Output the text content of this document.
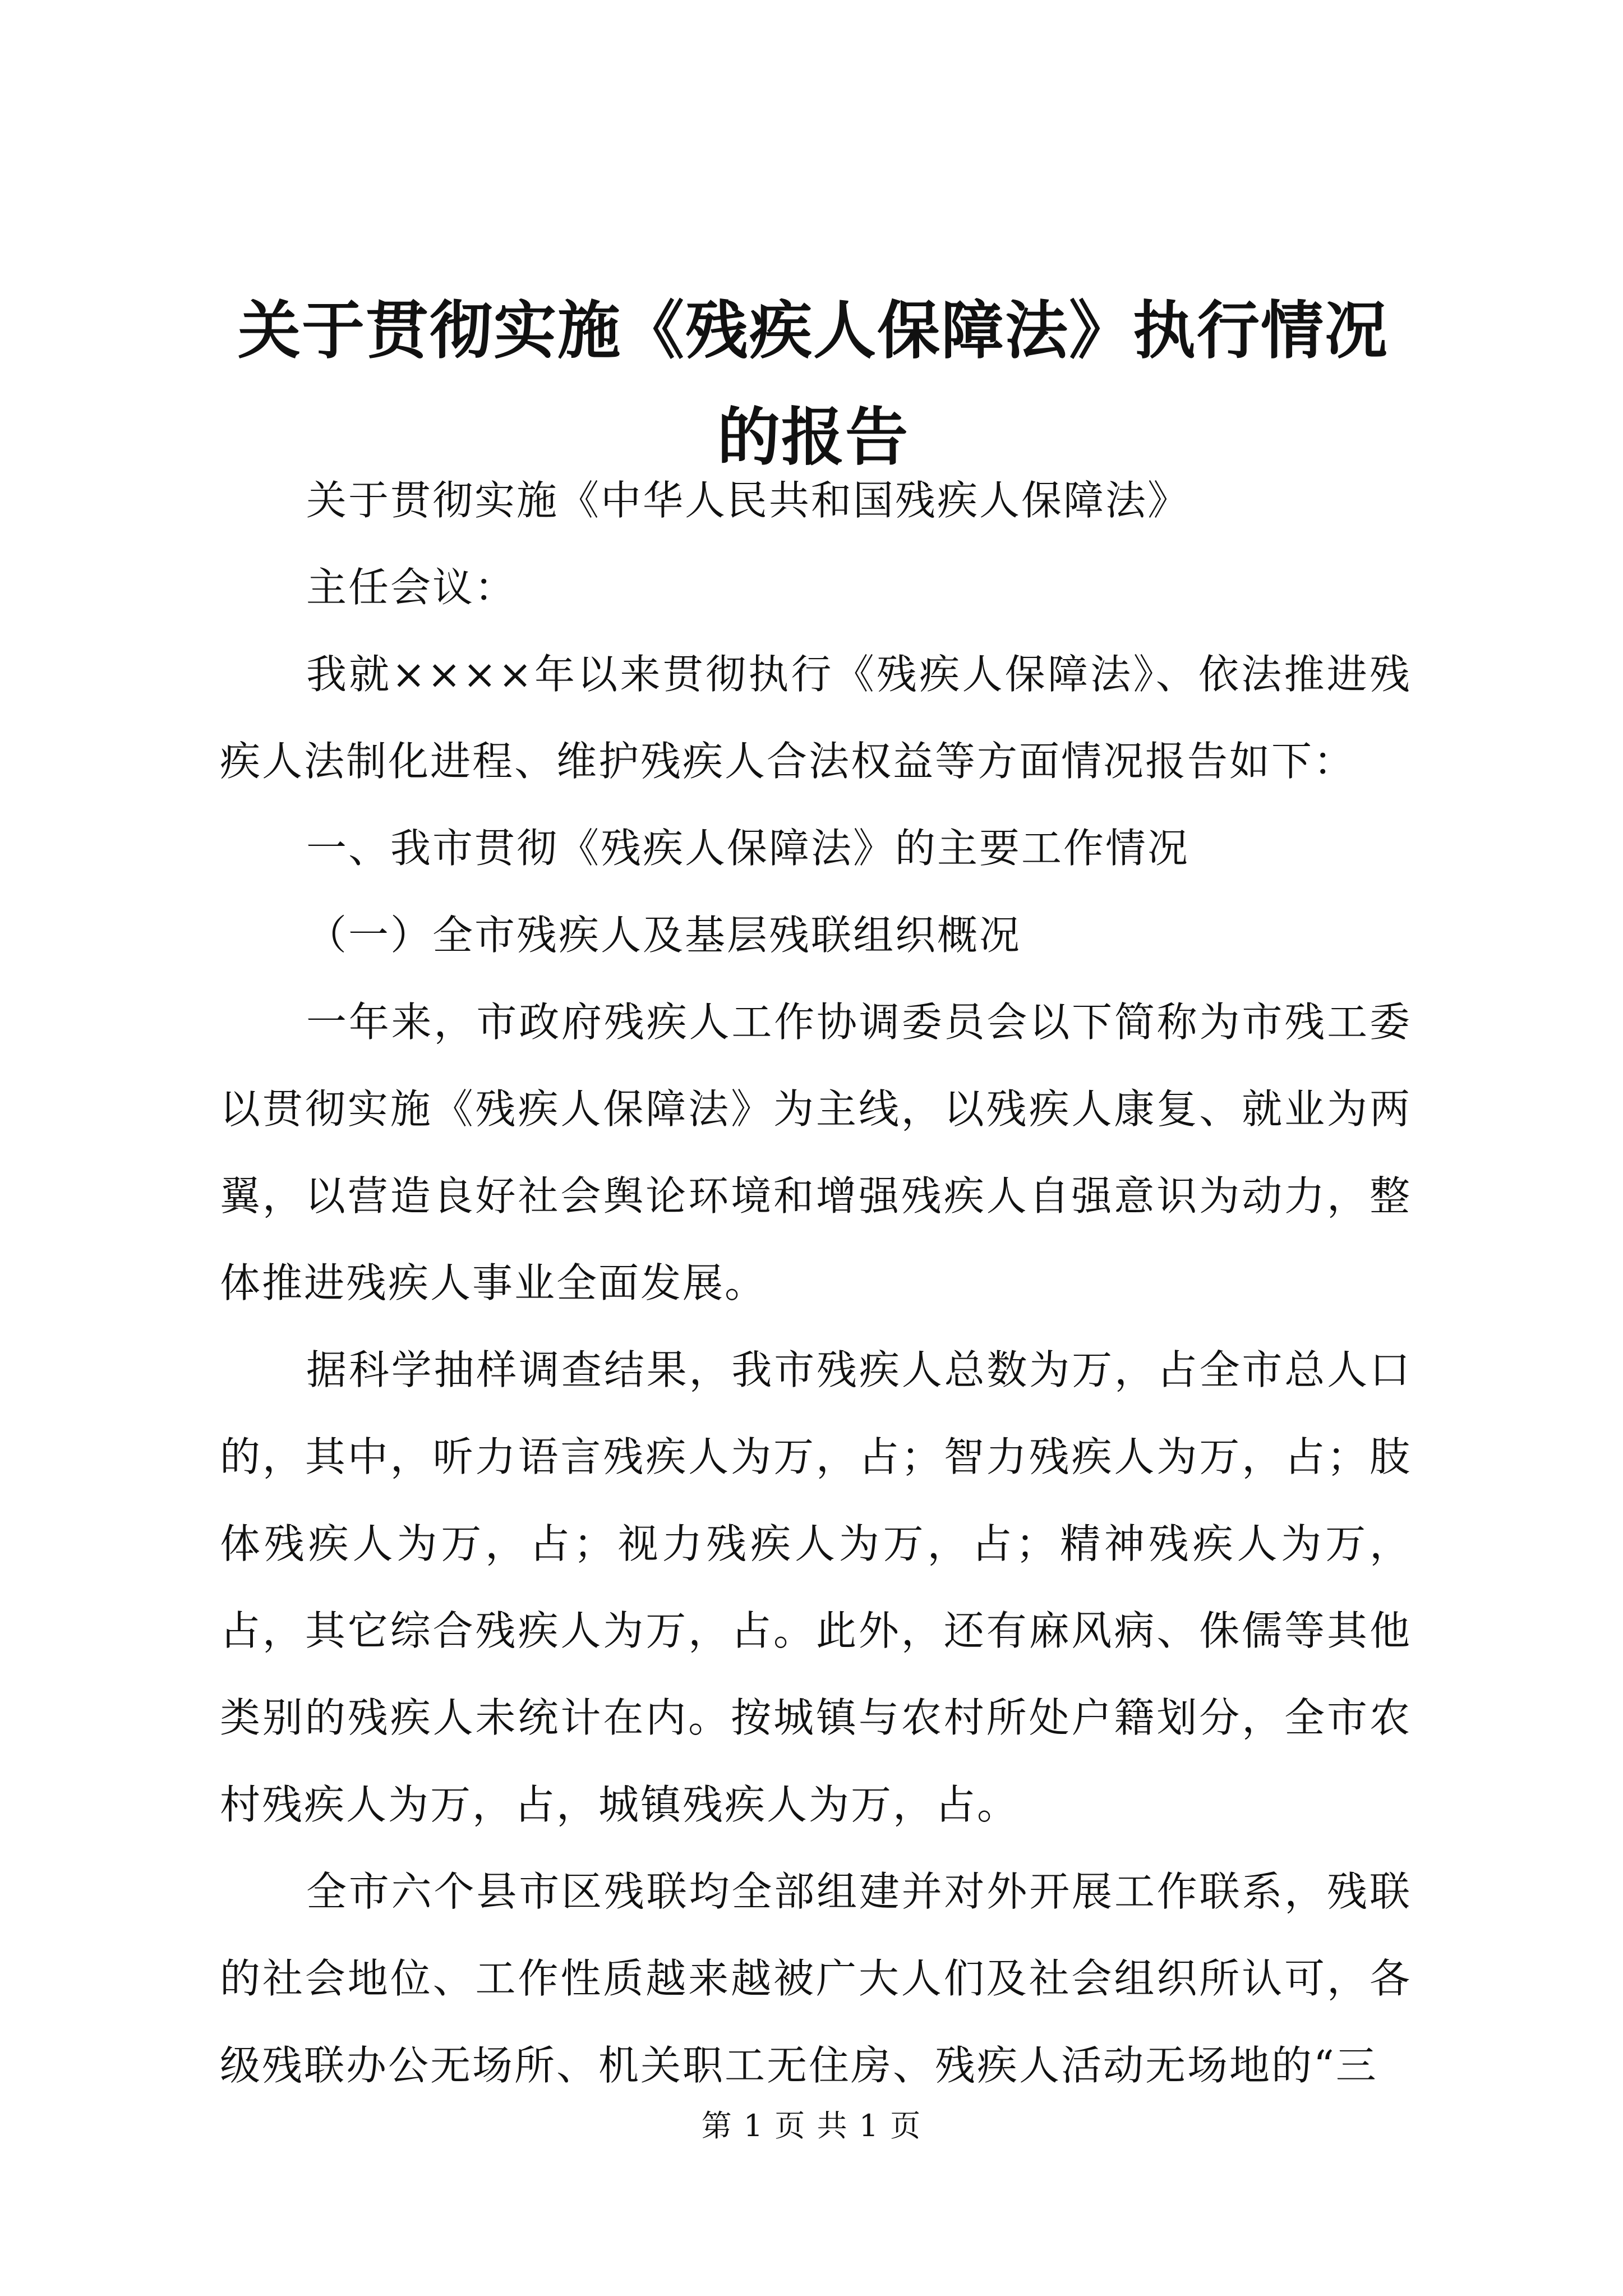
关于贯彻实施《残疾人保障法》执行情况的报告

关于贯彻实施《中华人民共和国残疾人保障法》

主任会议：

我就××××年以来贯彻执行《残疾人保障法》、依法推进残疾人法制化进程、维护残疾人合法权益等方面情况报告如下：

一、我市贯彻《残疾人保障法》的主要工作情况

（一）全市残疾人及基层残联组织概况

一年来，市政府残疾人工作协调委员会以下简称为市残工委以贯彻实施《残疾人保障法》为主线，以残疾人康复、就业为两翼，以营造良好社会舆论环境和增强残疾人自强意识为动力，整体推进残疾人事业全面发展。

据科学抽样调查结果，我市残疾人总数为万，占全市总人口的，其中，听力语言残疾人为万，占；智力残疾人为万，占；肢体残疾人为万，占；视力残疾人为万，占；精神残疾人为万，占，其它综合残疾人为万，占。此外，还有麻风病、侏儒等其他类别的残疾人未统计在内。按城镇与农村所处户籍划分，全市农村残疾人为万，占，城镇残疾人为万，占。

全市六个县市区残联均全部组建并对外开展工作联系，残联的社会地位、工作性质越来越被广大人们及社会组织所认可，各级残联办公无场所、机关职工无住房、残疾人活动无场地的“三

第 1 页 共 1 页
